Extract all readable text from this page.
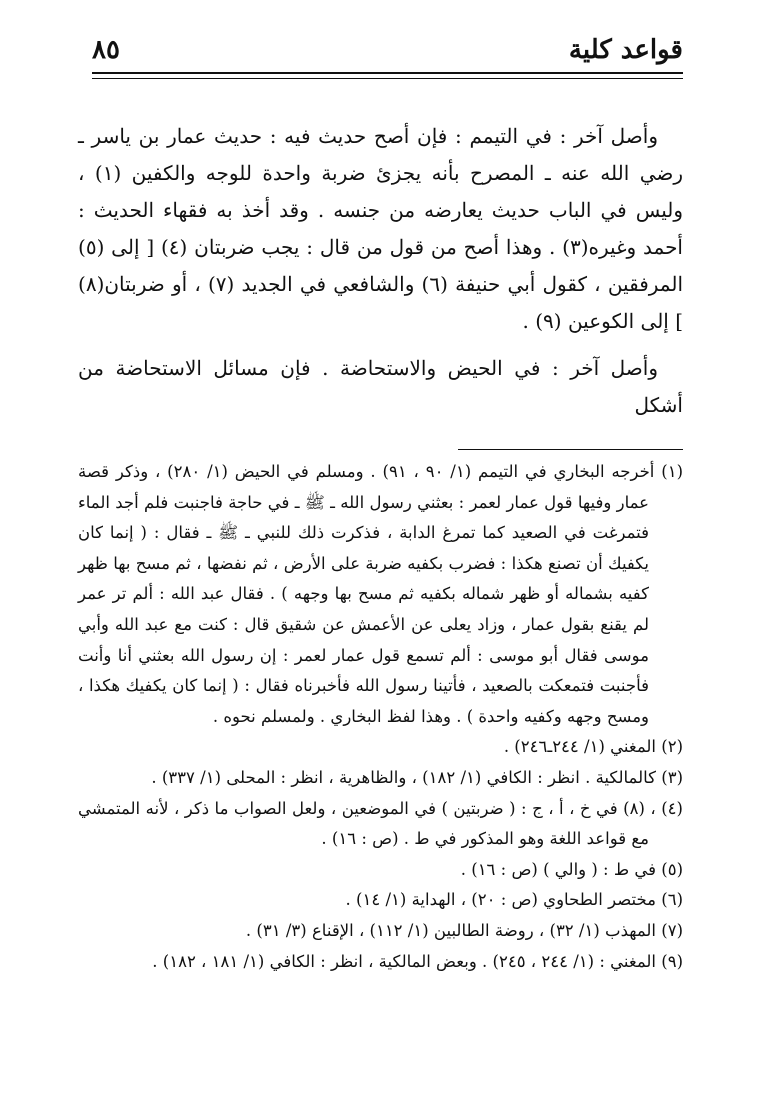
قواعد كلية
٨٥

وأصل آخر : في التيمم : فإن أصح حديث فيه : حديث عمار بن ياسر ـ رضي الله عنه ـ المصرح بأنه يجزئ ضربة واحدة للوجه والكفين (١) ، وليس في الباب حديث يعارضه من جنسه . وقد أخذ به فقهاء الحديث : أحمد وغيره(٣) . وهذا أصح من قول من قال : يجب ضربتان (٤) [ إلى (٥) المرفقين ، كقول أبي حنيفة (٦) والشافعي في الجديد (٧) ، أو ضربتان(٨) ] إلى الكوعين (٩) .

وأصل آخر : في الحيض والاستحاضة . فإن مسائل الاستحاضة من أشكل

(١) أخرجه البخاري في التيمم (١/ ٩٠ ، ٩١) . ومسلم في الحيض (١/ ٢٨٠) ، وذكر قصة عمار وفيها قول عمار لعمر : بعثني رسول الله ـ ﷺ ـ في حاجة فاجنبت فلم أجد الماء فتمرغت في الصعيد كما تمرغ الدابة ، فذكرت ذلك للنبي ـ ﷺ ـ فقال : ( إنما كان يكفيك أن تصنع هكذا : فضرب بكفيه ضربة على الأرض ، ثم نفضها ، ثم مسح بها ظهر كفيه بشماله أو ظهر شماله بكفيه ثم مسح بها وجهه ) . فقال عبد الله : ألم تر عمر لم يقنع بقول عمار ، وزاد يعلى عن الأعمش عن شقيق قال : كنت مع عبد الله وأبي موسى فقال أبو موسى : ألم تسمع قول عمار لعمر : إن رسول الله بعثني أنا وأنت فأجنبت فتمعكت بالصعيد ، فأتينا رسول الله فأخبرناه فقال : ( إنما كان يكفيك هكذا ، ومسح وجهه وكفيه واحدة ) . وهذا لفظ البخاري . ولمسلم نحوه .

(٢) المغني (١/ ٢٤٤ـ٢٤٦) .

(٣) كالمالكية . انظر : الكافي (١/ ١٨٢) ، والظاهرية ، انظر : المحلى (١/ ٣٣٧) .

(٤) ، (٨) في خ ، أ ، ج : ( ضربتين ) في الموضعين ، ولعل الصواب ما ذكر ، لأنه المتمشي مع قواعد اللغة وهو المذكور في ط . (ص : ١٦) .

(٥) في ط : ( والي ) (ص : ١٦) .

(٦) مختصر الطحاوي (ص : ٢٠) ، الهداية (١/ ١٤) .

(٧) المهذب (١/ ٣٢) ، روضة الطالبين (١/ ١١٢) ، الإقناع (٣/ ٣١) .

(٩) المغني : (١/ ٢٤٤ ، ٢٤٥) . وبعض المالكية ، انظر : الكافي (١/ ١٨١ ، ١٨٢) .
